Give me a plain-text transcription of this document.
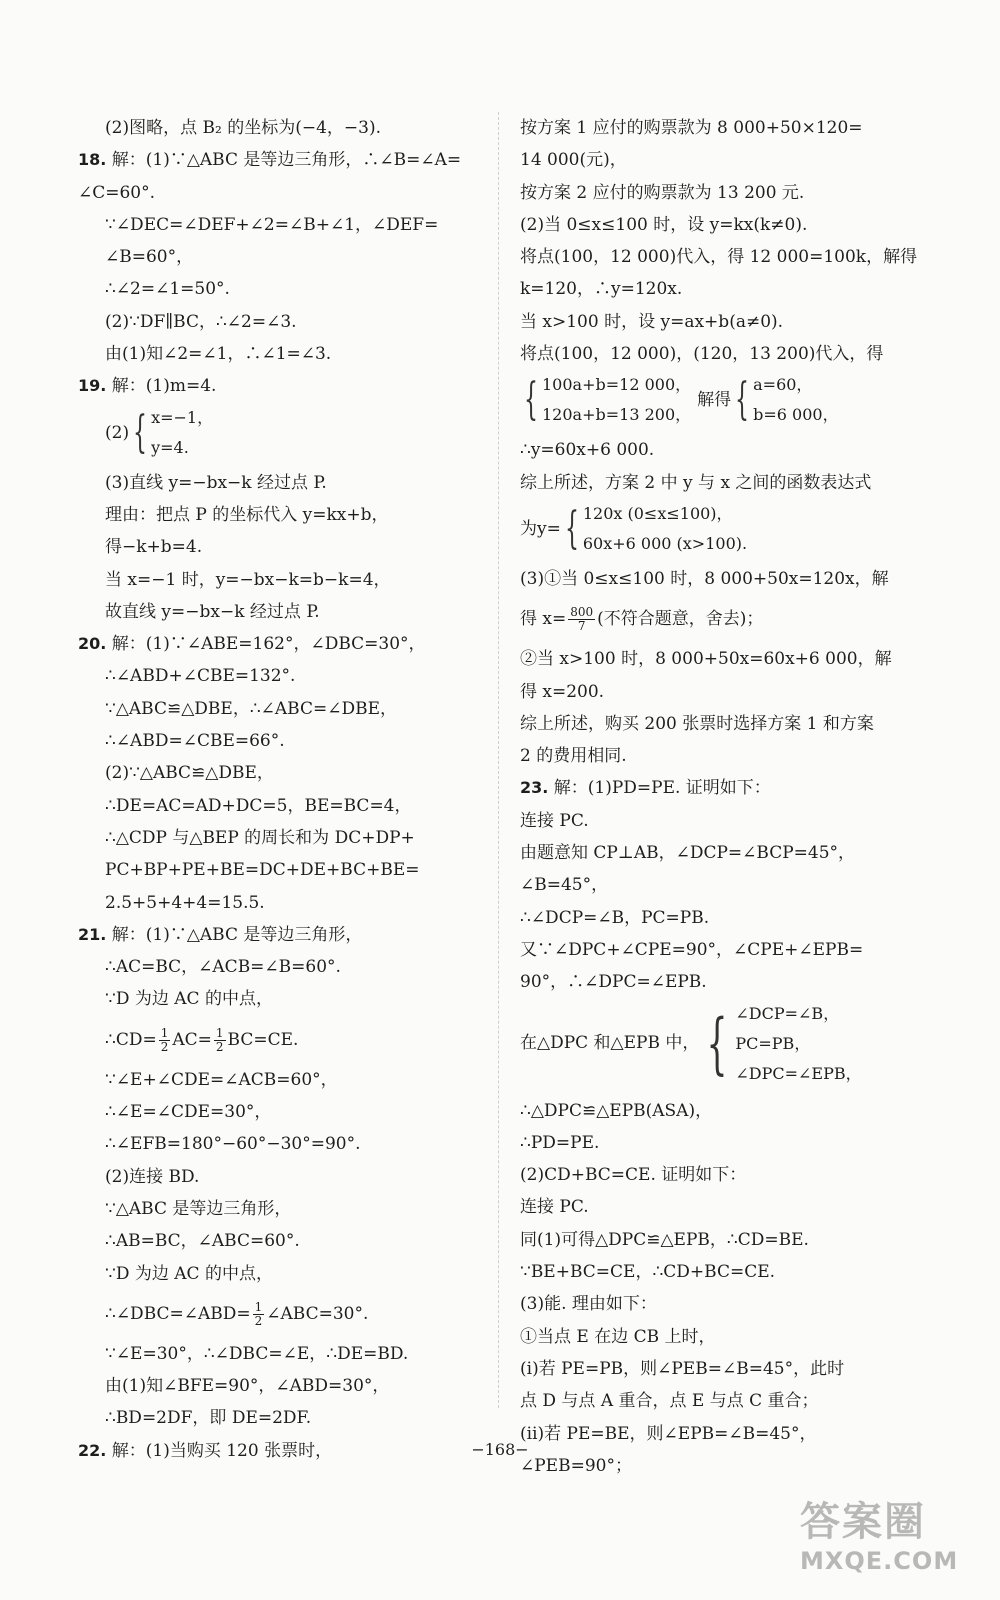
(2)图略，点 B₂ 的坐标为(−4，−3).
18. 解：(1)∵△ABC 是等边三角形，∴∠B=∠A=
∠C=60°.
∵∠DEC=∠DEF+∠2=∠B+∠1，∠DEF=
∠B=60°，
∴∠2=∠1=50°.
(2)∵DF∥BC，∴∠2=∠3.
由(1)知∠2=∠1，∴∠1=∠3.
19. 解：(1)m=4.
(2) { x=−1，
y=4.
(3)直线 y=−bx−k 经过点 P.
理由：把点 P 的坐标代入 y=kx+b，
得−k+b=4.
当 x=−1 时，y=−bx−k=b−k=4，
故直线 y=−bx−k 经过点 P.
20. 解：(1)∵∠ABE=162°，∠DBC=30°，
∴∠ABD+∠CBE=132°.
∵△ABC≌△DBE，∴∠ABC=∠DBE，
∴∠ABD=∠CBE=66°.
(2)∵△ABC≌△DBE，
∴DE=AC=AD+DC=5，BE=BC=4，
∴△CDP 与△BEP 的周长和为 DC+DP+
PC+BP+PE+BE=DC+DE+BC+BE=
2.5+5+4+4=15.5.
21. 解：(1)∵△ABC 是等边三角形，
∴AC=BC，∠ACB=∠B=60°.
∵D 为边 AC 的中点，
∴CD= $\frac{1}{2} AC= \frac{1}{2} BC=CE$.
∵∠E+∠CDE=∠ACB=60°，
∴∠E=∠CDE=30°，
∴∠EFB=180°−60°−30°=90°.
(2)连接 BD.
∵△ABC 是等边三角形，
∴AB=BC，∠ABC=60°.
∵D 为边 AC 的中点，
∴∠DBC=∠ABD= $\frac{1}{2}$ ∠ABC=30°.
∵∠E=30°，∴∠DBC=∠E，∴DE=BD.
由(1)知∠BFE=90°，∠ABD=30°，
∴BD=2DF，即 DE=2DF.
22. 解：(1)当购买 120 张票时，
按方案 1 应付的购票款为 8 000+50×120=
14 000(元)，
按方案 2 应付的购票款为 13 200 元.
(2)当 0≤x≤100 时，设 y=kx(k≠0).
将点(100，12 000)代入，得 12 000=100k，解得
k=120，∴y=120x.
当 x>100 时，设 y=ax+b(a≠0).
将点(100，12 000)，(120，13 200)代入，得
{ 100a+b=12 000，
120a+b=13 200，
解得 { a=60，
b=6 000，
∴y=60x+6 000.
综上所述，方案 2 中 y 与 x 之间的函数表达式
为y= { 120x (0≤x≤100)，
60x+6 000 (x>100).
(3)①当 0≤x≤100 时，8 000+50x=120x，解
得 $x= \frac{800}{7}$ (不符合题意，舍去)；
②当 x>100 时，8 000+50x=60x+6 000，解
得 x=200.
综上所述，购买 200 张票时选择方案 1 和方案
2 的费用相同.
23. 解：(1)PD=PE. 证明如下：
连接 PC.
由题意知 CP⊥AB，∠DCP=∠BCP=45°，
∠B=45°，
∴∠DCP=∠B，PC=PB.
又∵∠DPC+∠CPE=90°，∠CPE+∠EPB=
90°，∴∠DPC=∠EPB.
在△DPC 和△EPB 中， { ∠DCP=∠B，
PC=PB，
∠DPC=∠EPB，
∴△DPC≌△EPB(ASA)，
∴PD=PE.
(2)CD+BC=CE. 证明如下：
连接 PC.
同(1)可得△DPC≌△EPB，∴CD=BE.
∵BE+BC=CE，∴CD+BC=CE.
(3)能. 理由如下：
①当点 E 在边 CB 上时，
(ⅰ)若 PE=PB，则∠PEB=∠B=45°，此时
点 D 与点 A 重合，点 E 与点 C 重合；
(ⅱ)若 PE=BE，则∠EPB=∠B=45°，
∠PEB=90°；
−168−
答案圈
MXQE.COM
